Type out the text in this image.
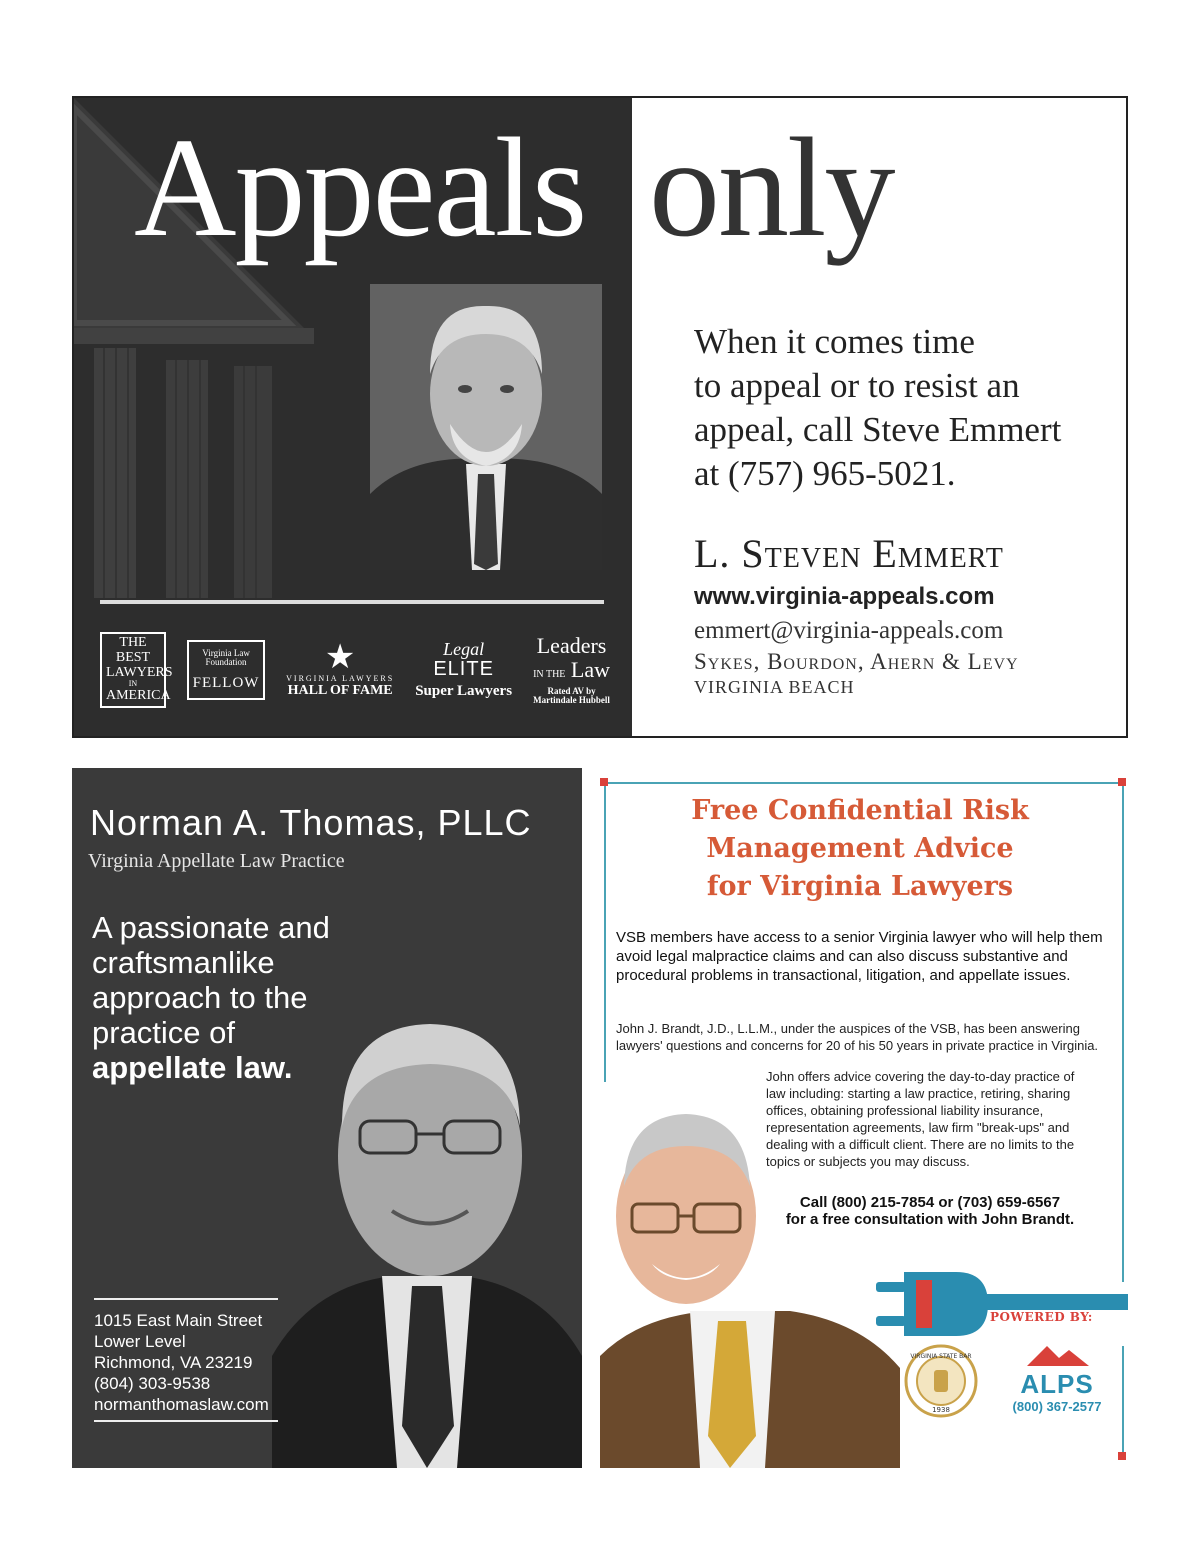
THE BEST
LAWYERS
IN
AMERICA
Virginia Law
Foundation
FELLOW
★
VIRGINIA LAWYERS
HALL OF FAME
Legal
ELITE
Super Lawyers
Leaders
IN THE Law
Rated AV by
Martindale Hubbell
Appeals only
When it comes time
to appeal or to resist an
appeal, call Steve Emmert
at (757) 965-5021.
L. Steven Emmert
www.virginia-appeals.com
emmert@virginia-appeals.com
Sykes, Bourdon, Ahern & Levy
VIRGINIA BEACH
Norman A. Thomas, PLLC
Virginia Appellate Law Practice
A passionate and
craftsmanlike
approach to the
practice of
appellate law.
1015 East Main Street
Lower Level
Richmond, VA 23219
(804) 303-9538
normanthomaslaw.com
Free Confidential Risk
Management Advice
for Virginia Lawyers

VSB members have access to a senior Virginia lawyer who will help them avoid legal malpractice claims and can also discuss substantive and procedural problems in transactional, litigation, and appellate issues.

John J. Brandt, J.D., L.L.M., under the auspices of the VSB, has been answering lawyers' questions and concerns for 20 of his 50 years in private practice in Virginia.

John offers advice covering the day-to-day practice of law including: starting a law practice, retiring, sharing offices, obtaining professional liability insurance, representation agreements, law firm "break-ups" and dealing with a difficult client. There are no limits to the topics or subjects you may discuss.

Call (800) 215-7854 or (703) 659-6567
for a free consultation with John Brandt.
POWERED BY:
VIRGINIA STATE BAR
1938
ALPS
(800) 367-2577
